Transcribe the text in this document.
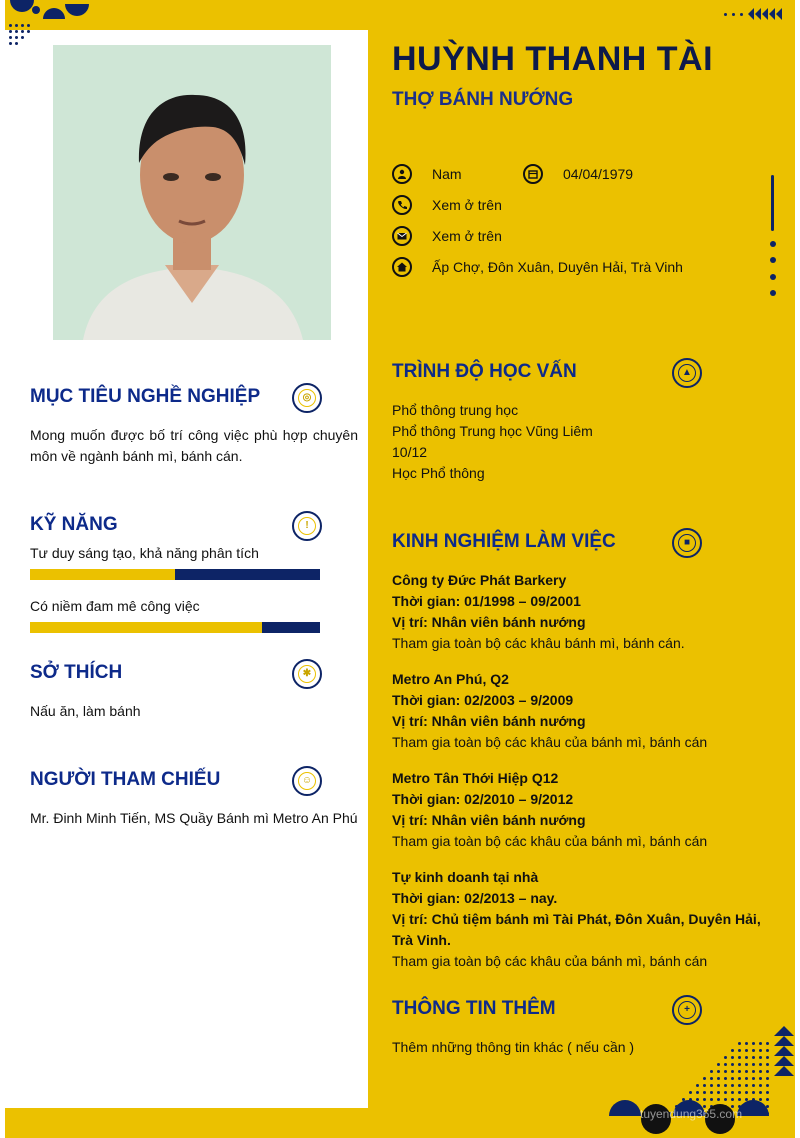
HUỲNH THANH TÀI
THỢ BÁNH NƯỚNG
Nam	04/04/1979
Xem ở trên
Xem ở trên
Ấp Chợ, Đôn Xuân, Duyên Hải, Trà Vinh
MỤC TIÊU NGHỀ NGHIỆP	◎
Mong muốn được bố trí công việc phù hợp chuyên môn về ngành bánh mì, bánh cán.
KỸ NĂNG	!
Tư duy sáng tạo, khả năng phân tích
Có niềm đam mê công việc
SỞ THÍCH	✱
Nấu ăn, làm bánh
NGƯỜI THAM CHIẾU	☺
Mr. Đinh Minh Tiến, MS Quầy Bánh mì Metro An Phú
TRÌNH ĐỘ HỌC VẤN	▲
Phổ thông trung học
Phổ thông Trung học Vũng Liêm
10/12
Học Phổ thông
KINH NGHIỆM LÀM VIỆC	■
Công ty Đức Phát Barkery
Thời gian: 01/1998 – 09/2001
Vị trí: Nhân viên bánh nướng
Tham gia toàn bộ các khâu bánh mì, bánh cán.
Metro An Phú, Q2
Thời gian: 02/2003 – 9/2009
Vị trí: Nhân viên bánh nướng
Tham gia toàn bộ các khâu của bánh mì, bánh cán
Metro Tân Thới Hiệp Q12
Thời gian: 02/2010 – 9/2012
Vị trí: Nhân viên bánh nướng
Tham gia toàn bộ các khâu của bánh mì, bánh cán
Tự kinh doanh tại nhà
Thời gian: 02/2013 – nay.
Vị trí: Chủ tiệm bánh mì Tài Phát, Đôn Xuân, Duyên Hải, Trà Vinh.
Tham gia toàn bộ các khâu của bánh mì, bánh cán
THÔNG TIN THÊM	+
Thêm những thông tin khác ( nếu cần )
tuyendung365.com
